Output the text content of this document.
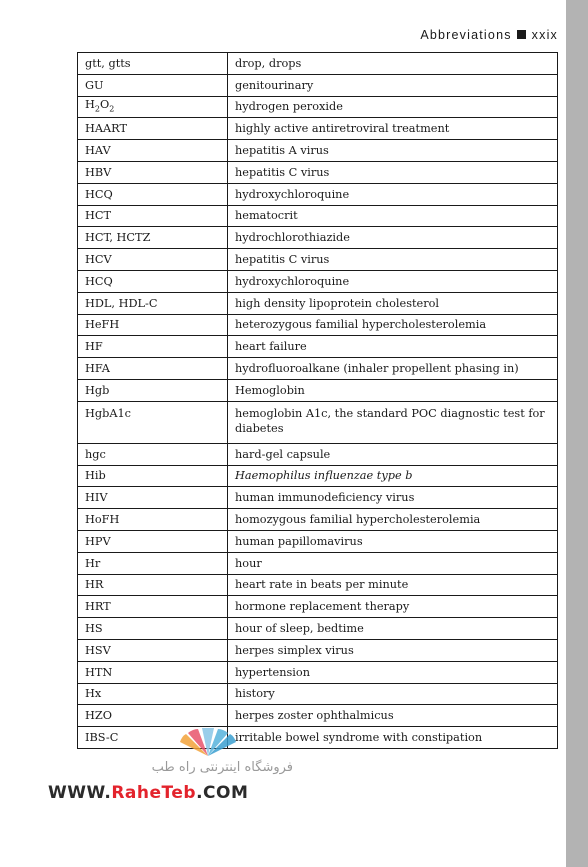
Abbreviations xxix
gtt, gtts	drop, drops
GU	genitourinary
$H_2O_2$	hydrogen peroxide
HAART	highly active antiretroviral treatment
HAV	hepatitis A virus
HBV	hepatitis C virus
HCQ	hydroxychloroquine
HCT	hematocrit
HCT, HCTZ	hydrochlorothiazide
HCV	hepatitis C virus
HCQ	hydroxychloroquine
HDL, HDL-C	high density lipoprotein cholesterol
HeFH	heterozygous familial hypercholesterolemia
HF	heart failure
HFA	hydrofluoroalkane (inhaler propellent phasing in)
Hgb	Hemoglobin
HgbA1c	hemoglobin A1c, the standard POC diagnostic test for diabetes
hgc	hard-gel capsule
Hib	Haemophilus influenzae type b
HIV	human immunodeficiency virus
HoFH	homozygous familial hypercholesterolemia
HPV	human papillomavirus
Hr	hour
HR	heart rate in beats per minute
HRT	hormone replacement therapy
HS	hour of sleep, bedtime
HSV	herpes simplex virus
HTN	hypertension
Hx	history
HZO	herpes zoster ophthalmicus
IBS-C	irritable bowel syndrome with constipation
فروشگاه اینترنتی راه طب
WWW.RaheTeb.COM
